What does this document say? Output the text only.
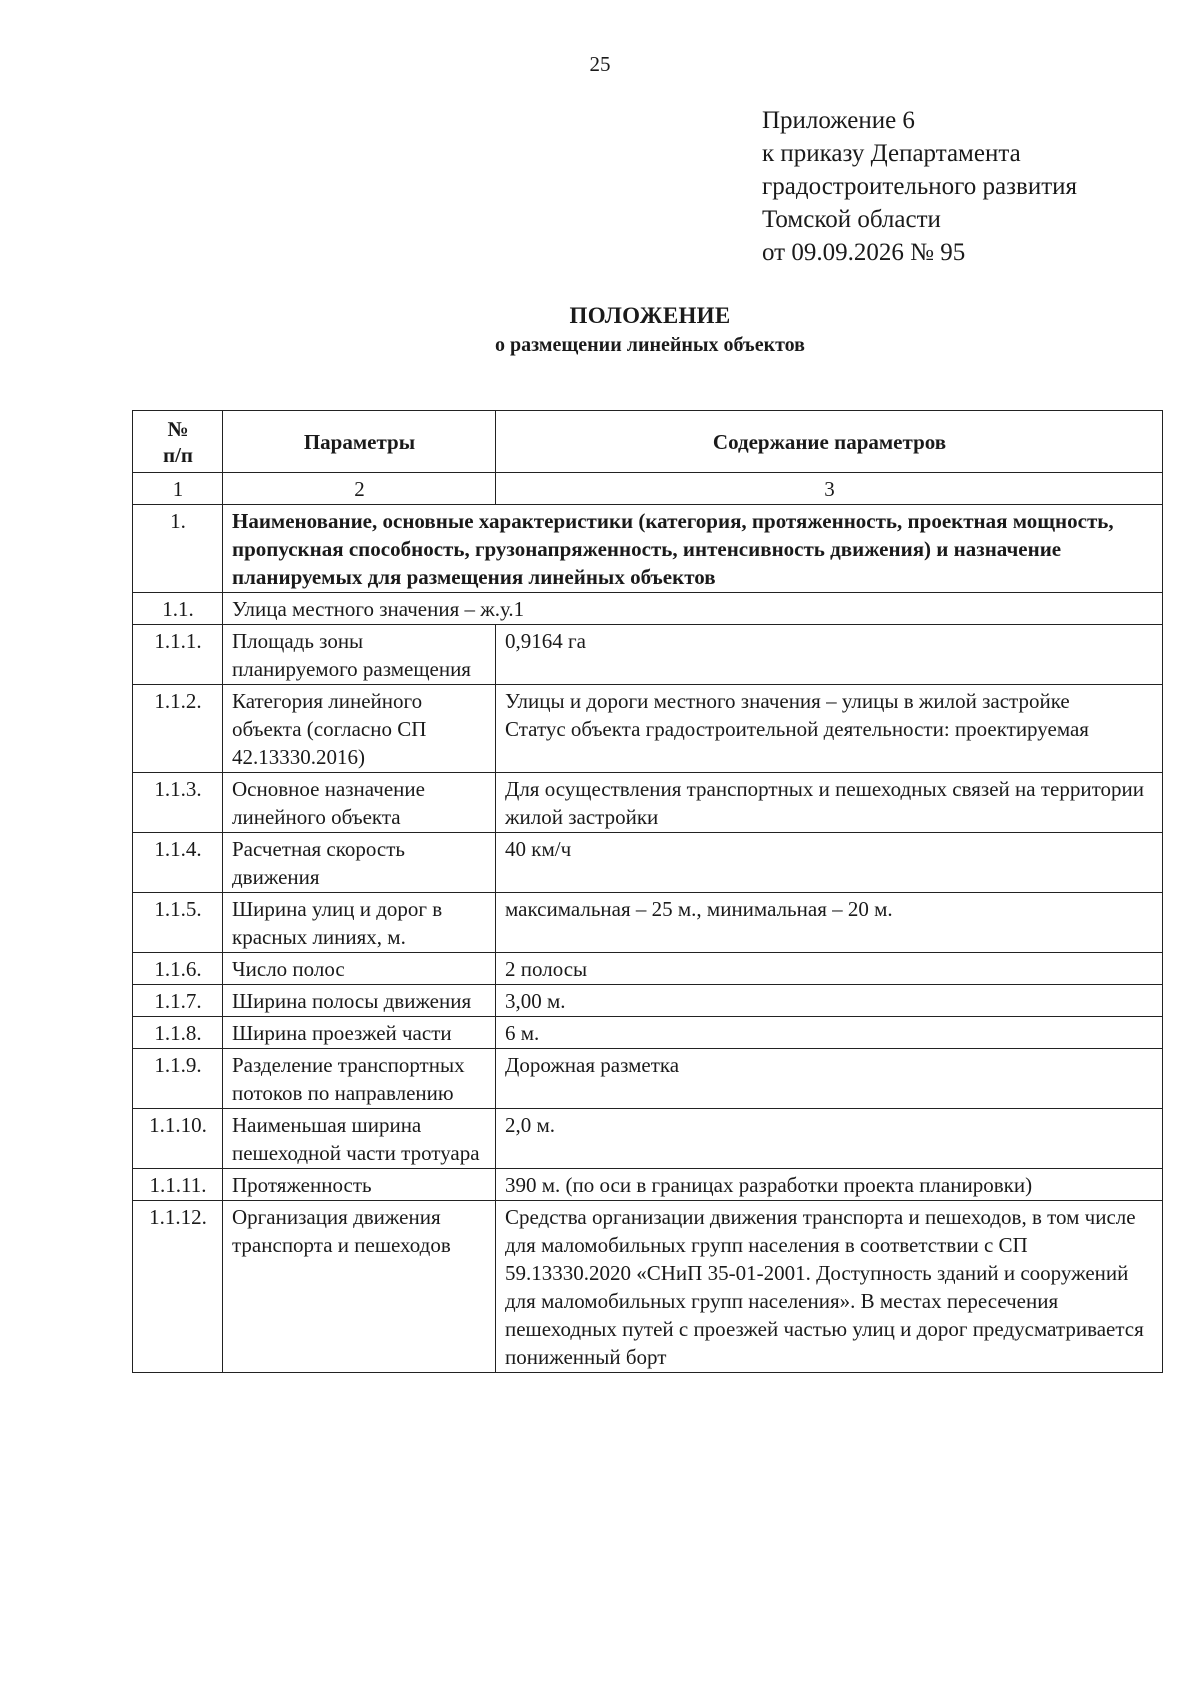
25
Приложение 6
к приказу Департамента
градостроительного развития
Томской области
от 09.09.2026 № 95
ПОЛОЖЕНИЕ
о размещении линейных объектов
№
п/п	Параметры	Содержание параметров
1	2	3
1.	Наименование, основные характеристики (категория, протяженность, проектная мощность, пропускная способность, грузонапряженность, интенсивность движения) и назначение планируемых для размещения линейных объектов	
1.1.	Улица местного значения – ж.у.1	
1.1.1.	Площадь зоны планируемого размещения	0,9164 га
1.1.2.	Категория линейного объекта (согласно СП 42.13330.2016)	Улицы и дороги местного значения – улицы в жилой застройке
Статус объекта градостроительной деятельности: проектируемая

1.1.3.	Основное назначение линейного объекта	Для осуществления транспортных и пешеходных связей на территории жилой застройки
1.1.4.	Расчетная скорость движения	40 км/ч
1.1.5.	Ширина улиц и дорог в красных линиях, м.	максимальная – 25 м., минимальная – 20 м.
1.1.6.	Число полос	2 полосы
1.1.7.	Ширина полосы движения	3,00 м.
1.1.8.	Ширина проезжей части	6 м.
1.1.9.	Разделение транспортных потоков по направлению	Дорожная разметка
1.1.10.	Наименьшая ширина пешеходной части тротуара	2,0 м.
1.1.11.	Протяженность	390 м. (по оси в границах разработки проекта планировки)
1.1.12.	Организация движения транспорта и пешеходов	Средства организации движения транспорта и пешеходов, в том числе для маломобильных групп населения в соответствии с СП 59.13330.2020 «СНиП 35-01-2001. Доступность зданий и сооружений для маломобильных групп населения». В местах пересечения пешеходных путей с проезжей частью улиц и дорог предусматривается пониженный борт
